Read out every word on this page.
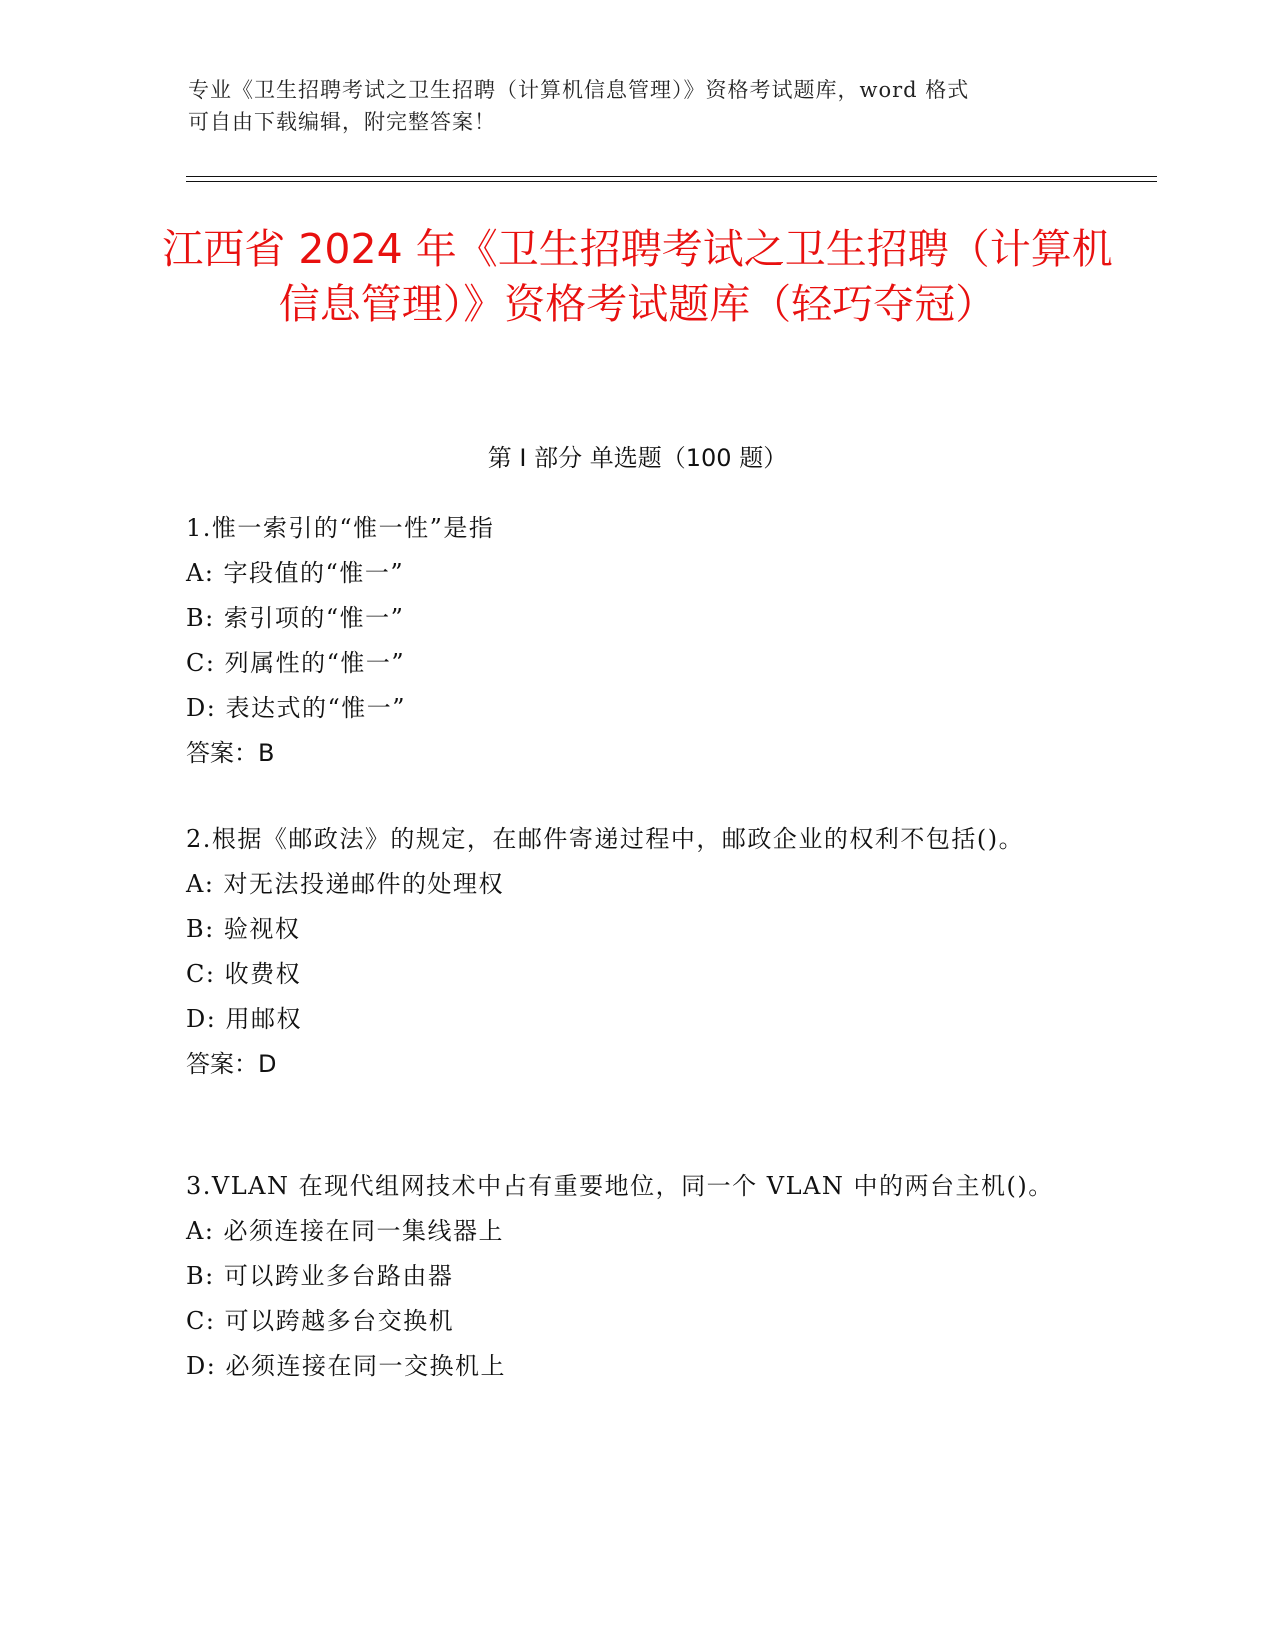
专业《卫生招聘考试之卫生招聘（计算机信息管理）》资格考试题库，word 格式
可自由下载编辑，附完整答案！
江西省 2024 年《卫生招聘考试之卫生招聘（计算机信息管理）》资格考试题库（轻巧夺冠）
第 I 部分 单选题（100 题）
1.惟一索引的“惟一性”是指
A: 字段值的“惟一”
B: 索引项的“惟一”
C: 列属性的“惟一”
D: 表达式的“惟一”
答案：B
2.根据《邮政法》的规定，在邮件寄递过程中，邮政企业的权利不包括()。
A: 对无法投递邮件的处理权
B: 验视权
C: 收费权
D: 用邮权
答案：D
3.VLAN 在现代组网技术中占有重要地位，同一个 VLAN 中的两台主机()。
A: 必须连接在同一集线器上
B: 可以跨业多台路由器
C: 可以跨越多台交换机
D: 必须连接在同一交换机上
